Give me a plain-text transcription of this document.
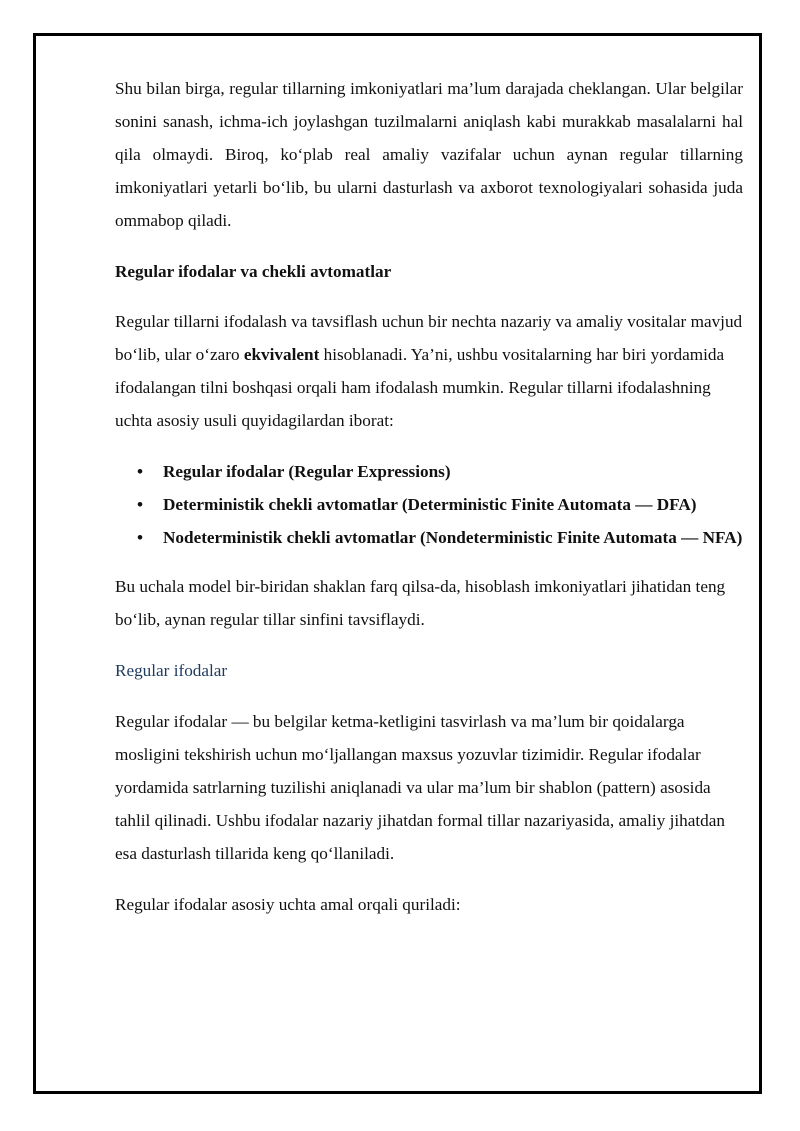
Shu bilan birga, regular tillarning imkoniyatlari ma’lum darajada cheklangan. Ular belgilar sonini sanash, ichma-ich joylashgan tuzilmalarni aniqlash kabi murakkab masalalarni hal qila olmaydi. Biroq, ko‘plab real amaliy vazifalar uchun aynan regular tillarning imkoniyatlari yetarli bo‘lib, bu ularni dasturlash va axborot texnologiyalari sohasida juda ommabop qiladi.

Regular ifodalar va chekli avtomatlar

Regular tillarni ifodalash va tavsiflash uchun bir nechta nazariy va amaliy vositalar mavjud bo‘lib, ular o‘zaro ekvivalent hisoblanadi. Ya’ni, ushbu vositalarning har biri yordamida ifodalangan tilni boshqasi orqali ham ifodalash mumkin. Regular tillarni ifodalashning uchta asosiy usuli quyidagilardan iborat:

• Regular ifodalar (Regular Expressions)
• Deterministik chekli avtomatlar (Deterministic Finite Automata — DFA)
• Nodeterministik chekli avtomatlar (Nondeterministic Finite Automata — NFA)

Bu uchala model bir-biridan shaklan farq qilsa-da, hisoblash imkoniyatlari jihatidan teng bo‘lib, aynan regular tillar sinfini tavsiflaydi.

Regular ifodalar

Regular ifodalar — bu belgilar ketma-ketligini tasvirlash va ma’lum bir qoidalarga mosligini tekshirish uchun mo‘ljallangan maxsus yozuvlar tizimidir. Regular ifodalar yordamida satrlarning tuzilishi aniqlanadi va ular ma’lum bir shablon (pattern) asosida tahlil qilinadi. Ushbu ifodalar nazariy jihatdan formal tillar nazariyasida, amaliy jihatdan esa dasturlash tillarida keng qo‘llaniladi.

Regular ifodalar asosiy uchta amal orqali quriladi:
